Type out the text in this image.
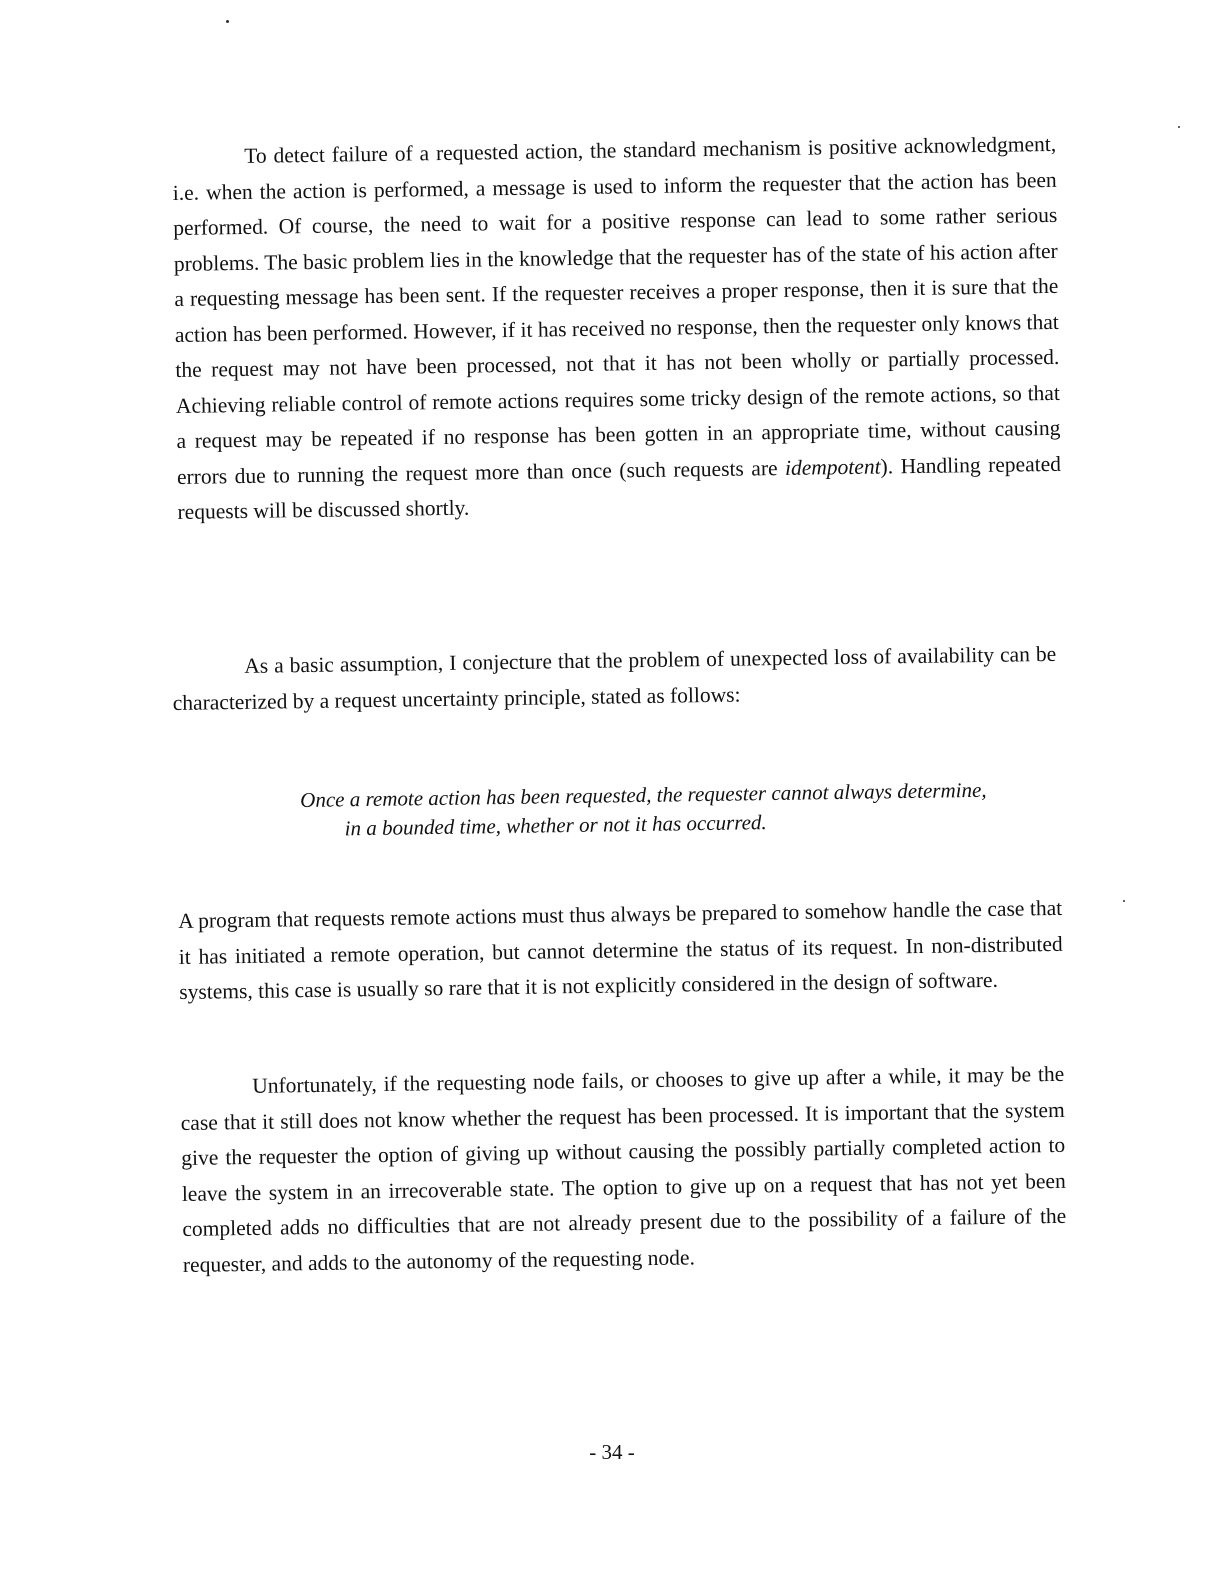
To detect failure of a requested action, the standard mechanism is positive acknowledgment, i.e. when the action is performed, a message is used to inform the requester that the action has been performed. Of course, the need to wait for a positive response can lead to some rather serious problems. The basic problem lies in the knowledge that the requester has of the state of his action after a requesting message has been sent. If the requester receives a proper response, then it is sure that the action has been performed. However, if it has received no response, then the requester only knows that the request may not have been processed, not that it has not been wholly or partially processed. Achieving reliable control of remote actions requires some tricky design of the remote actions, so that a request may be repeated if no response has been gotten in an appropriate time, without causing errors due to running the request more than once (such requests are idempotent). Handling repeated requests will be discussed shortly.

As a basic assumption, I conjecture that the problem of unexpected loss of availability can be characterized by a request uncertainty principle, stated as follows:

Once a remote action has been requested, the requester cannot always determine, in a bounded time, whether or not it has occurred.

A program that requests remote actions must thus always be prepared to somehow handle the case that it has initiated a remote operation, but cannot determine the status of its request. In non-distributed systems, this case is usually so rare that it is not explicitly considered in the design of software.

Unfortunately, if the requesting node fails, or chooses to give up after a while, it may be the case that it still does not know whether the request has been processed. It is important that the system give the requester the option of giving up without causing the possibly partially completed action to leave the system in an irrecoverable state. The option to give up on a request that has not yet been completed adds no difficulties that are not already present due to the possibility of a failure of the requester, and adds to the autonomy of the requesting node.

- 34 -
